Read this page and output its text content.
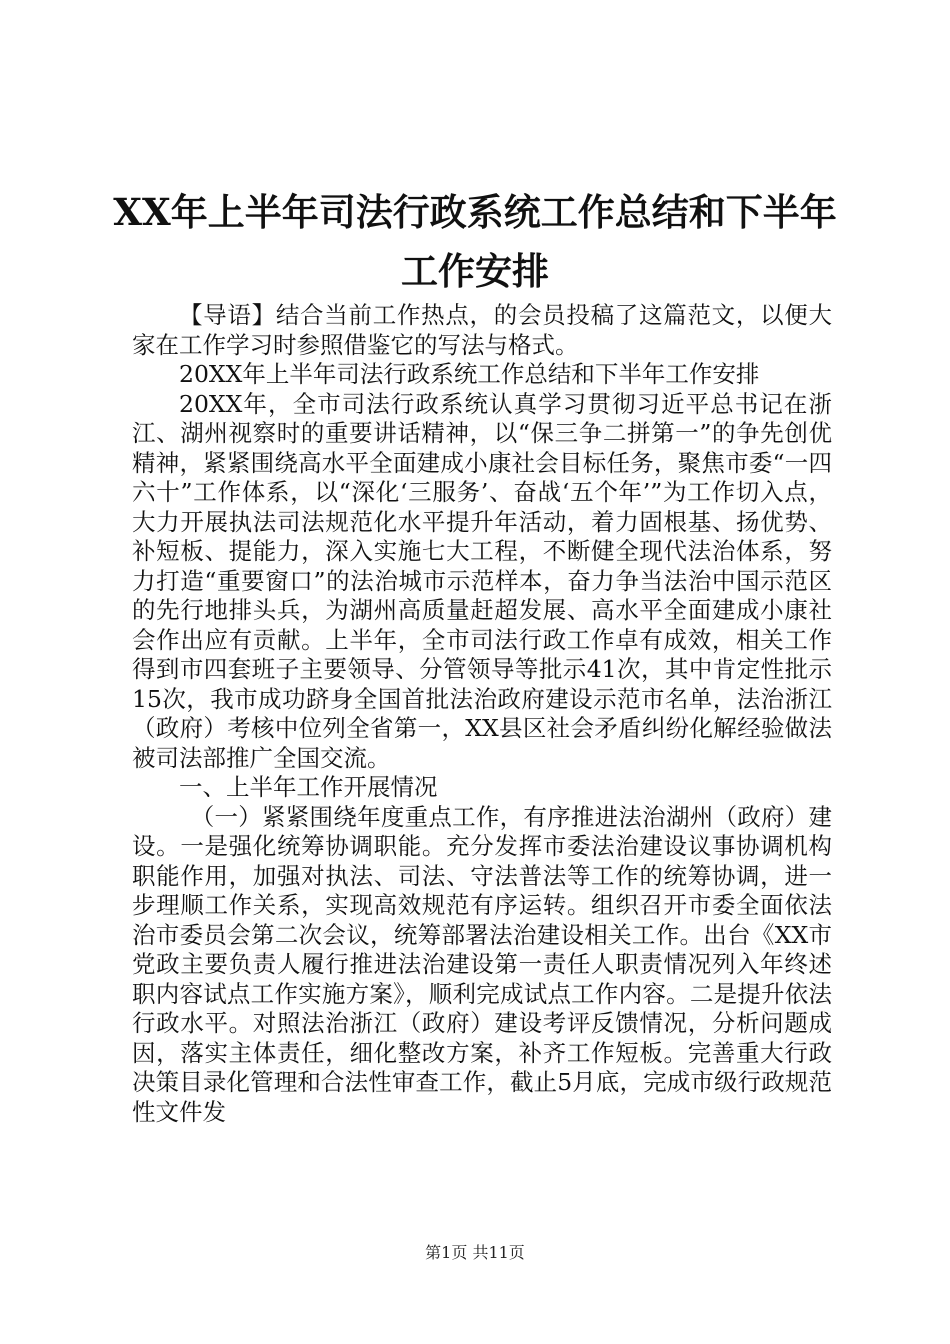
XX年上半年司法行政系统工作总结和下半年
工作安排

【导语】结合当前工作热点，的会员投稿了这篇范文，以便大家在工作学习时参照借鉴它的写法与格式。

20XX年上半年司法行政系统工作总结和下半年工作安排

20XX年，全市司法行政系统认真学习贯彻习近平总书记在浙江、湖州视察时的重要讲话精神，以“保三争二拼第一”的争先创优精神，紧紧围绕高水平全面建成小康社会目标任务，聚焦市委“一四六十”工作体系，以“深化‘三服务’、奋战‘五个年’”为工作切入点，大力开展执法司法规范化水平提升年活动，着力固根基、扬优势、补短板、提能力，深入实施七大工程，不断健全现代法治体系，努力打造“重要窗口”的法治城市示范样本，奋力争当法治中国示范区的先行地排头兵，为湖州高质量赶超发展、高水平全面建成小康社会作出应有贡献。上半年，全市司法行政工作卓有成效，相关工作得到市四套班子主要领导、分管领导等批示41次，其中肯定性批示15次，我市成功跻身全国首批法治政府建设示范市名单，法治浙江（政府）考核中位列全省第一，XX县区社会矛盾纠纷化解经验做法被司法部推广全国交流。

一、上半年工作开展情况

（一）紧紧围绕年度重点工作，有序推进法治湖州（政府）建设。一是强化统筹协调职能。充分发挥市委法治建设议事协调机构职能作用，加强对执法、司法、守法普法等工作的统筹协调，进一步理顺工作关系，实现高效规范有序运转。组织召开市委全面依法治市委员会第二次会议，统筹部署法治建设相关工作。出台《XX市党政主要负责人履行推进法治建设第一责任人职责情况列入年终述职内容试点工作实施方案》，顺利完成试点工作内容。二是提升依法行政水平。对照法治浙江（政府）建设考评反馈情况，分析问题成因，落实主体责任，细化整改方案，补齐工作短板。完善重大行政决策目录化管理和合法性审查工作，截止5月底，完成市级行政规范性文件发

第1页 共11页
